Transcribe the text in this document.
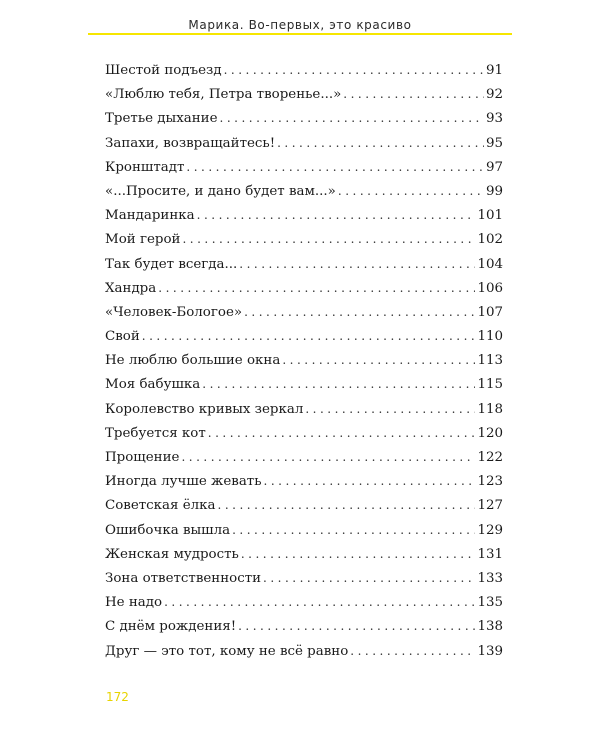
Марика. Во-первых, это красиво
Шестой подъезд .....	91
«Люблю тебя, Петра творенье...» .....	92
Третье дыхание .....	93
Запахи, возвращайтесь! .....	95
Кронштадт .....	97
«...Просите, и дано будет вам...» .....	99
Мандаринка .....	101
Мой герой .....	102
Так будет всегда... .....	104
Хандра .....	106
«Человек-Бологое» .....	107
Свой .....	110
Не люблю большие окна .....	113
Моя бабушка .....	115
Королевство кривых зеркал .....	118
Требуется кот .....	120
Прощение .....	122
Иногда лучше жевать .....	123
Советская ёлка .....	127
Ошибочка вышла .....	129
Женская мудрость .....	131
Зона ответственности .....	133
Не надо .....	135
С днём рождения! .....	138
Друг — это тот, кому не всё равно .....	139
172
